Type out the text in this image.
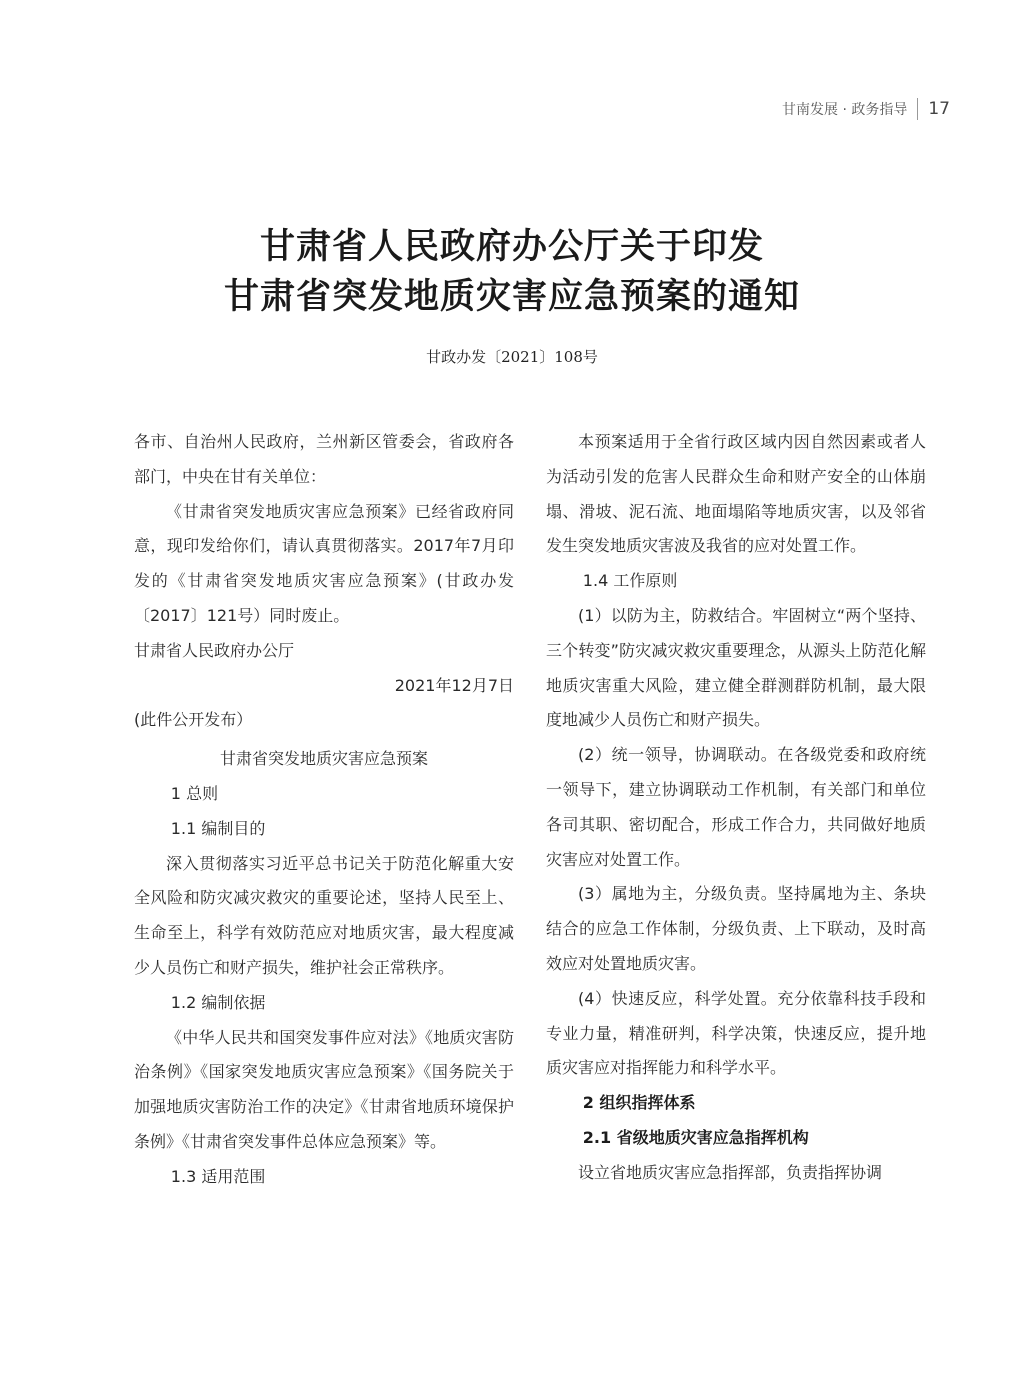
甘南发展 · 政务指导 17
甘肃省人民政府办公厅关于印发
甘肃省突发地质灾害应急预案的通知
甘政办发〔2021〕108号

各市、自治州人民政府，兰州新区管委会，省政府各部门，中央在甘有关单位：

《甘肃省突发地质灾害应急预案》已经省政府同意，现印发给你们，请认真贯彻落实。2017年7月印发的《甘肃省突发地质灾害应急预案》(甘政办发〔2017〕121号）同时废止。

甘肃省人民政府办公厅

2021年12月7日

(此件公开发布）

甘肃省突发地质灾害应急预案

1 总则

1.1 编制目的

深入贯彻落实习近平总书记关于防范化解重大安全风险和防灾减灾救灾的重要论述，坚持人民至上、生命至上，科学有效防范应对地质灾害，最大程度减少人员伤亡和财产损失，维护社会正常秩序。

1.2 编制依据

《中华人民共和国突发事件应对法》《地质灾害防治条例》《国家突发地质灾害应急预案》《国务院关于加强地质灾害防治工作的决定》《甘肃省地质环境保护条例》《甘肃省突发事件总体应急预案》等。

1.3 适用范围

本预案适用于全省行政区域内因自然因素或者人为活动引发的危害人民群众生命和财产安全的山体崩塌、滑坡、泥石流、地面塌陷等地质灾害，以及邻省发生突发地质灾害波及我省的应对处置工作。

1.4 工作原则

(1）以防为主，防救结合。牢固树立“两个坚持、三个转变”防灾减灾救灾重要理念，从源头上防范化解地质灾害重大风险，建立健全群测群防机制，最大限度地减少人员伤亡和财产损失。

(2）统一领导，协调联动。在各级党委和政府统一领导下，建立协调联动工作机制，有关部门和单位各司其职、密切配合，形成工作合力，共同做好地质灾害应对处置工作。

(3）属地为主，分级负责。坚持属地为主、条块结合的应急工作体制，分级负责、上下联动，及时高效应对处置地质灾害。

(4）快速反应，科学处置。充分依靠科技手段和专业力量，精准研判，科学决策，快速反应，提升地质灾害应对指挥能力和科学水平。

2 组织指挥体系

2.1 省级地质灾害应急指挥机构

设立省地质灾害应急指挥部，负责指挥协调
